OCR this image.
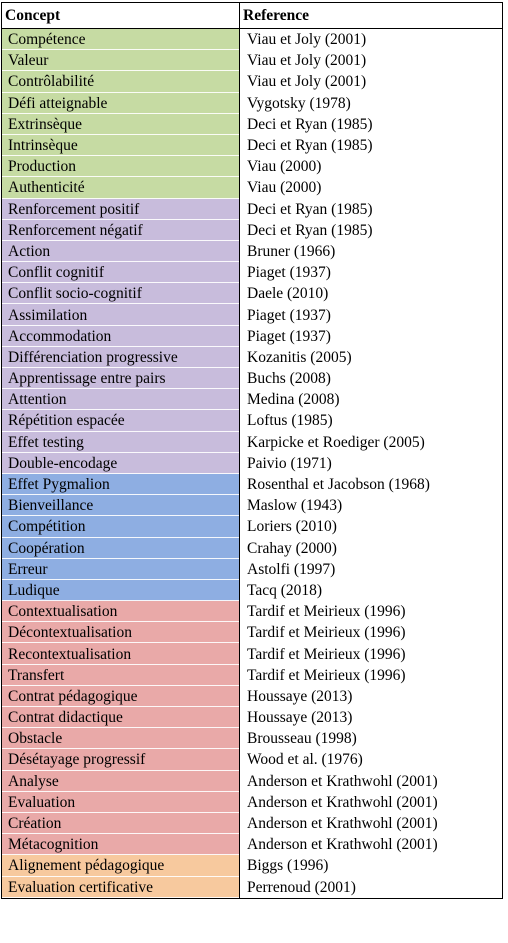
Concept	Reference
Compétence	Viau et Joly (2001)
Valeur	Viau et Joly (2001)
Contrôlabilité	Viau et Joly (2001)
Défi atteignable	Vygotsky (1978)
Extrinsèque	Deci et Ryan (1985)
Intrinsèque	Deci et Ryan (1985)
Production	Viau (2000)
Authenticité	Viau (2000)
Renforcement positif	Deci et Ryan (1985)
Renforcement négatif	Deci et Ryan (1985)
Action	Bruner (1966)
Conflit cognitif	Piaget (1937)
Conflit socio-cognitif	Daele (2010)
Assimilation	Piaget (1937)
Accommodation	Piaget (1937)
Différenciation progressive	Kozanitis (2005)
Apprentissage entre pairs	Buchs (2008)
Attention	Medina (2008)
Répétition espacée	Loftus (1985)
Effet testing	Karpicke et Roediger (2005)
Double-encodage	Paivio (1971)
Effet Pygmalion	Rosenthal et Jacobson (1968)
Bienveillance	Maslow (1943)
Compétition	Loriers (2010)
Coopération	Crahay (2000)
Erreur	Astolfi (1997)
Ludique	Tacq (2018)
Contextualisation	Tardif et Meirieux (1996)
Décontextualisation	Tardif et Meirieux (1996)
Recontextualisation	Tardif et Meirieux (1996)
Transfert	Tardif et Meirieux (1996)
Contrat pédagogique	Houssaye (2013)
Contrat didactique	Houssaye (2013)
Obstacle	Brousseau (1998)
Désétayage progressif	Wood et al. (1976)
Analyse	Anderson et Krathwohl (2001)
Evaluation	Anderson et Krathwohl (2001)
Création	Anderson et Krathwohl (2001)
Métacognition	Anderson et Krathwohl (2001)
Alignement pédagogique	Biggs (1996)
Evaluation certificative	Perrenoud (2001)
